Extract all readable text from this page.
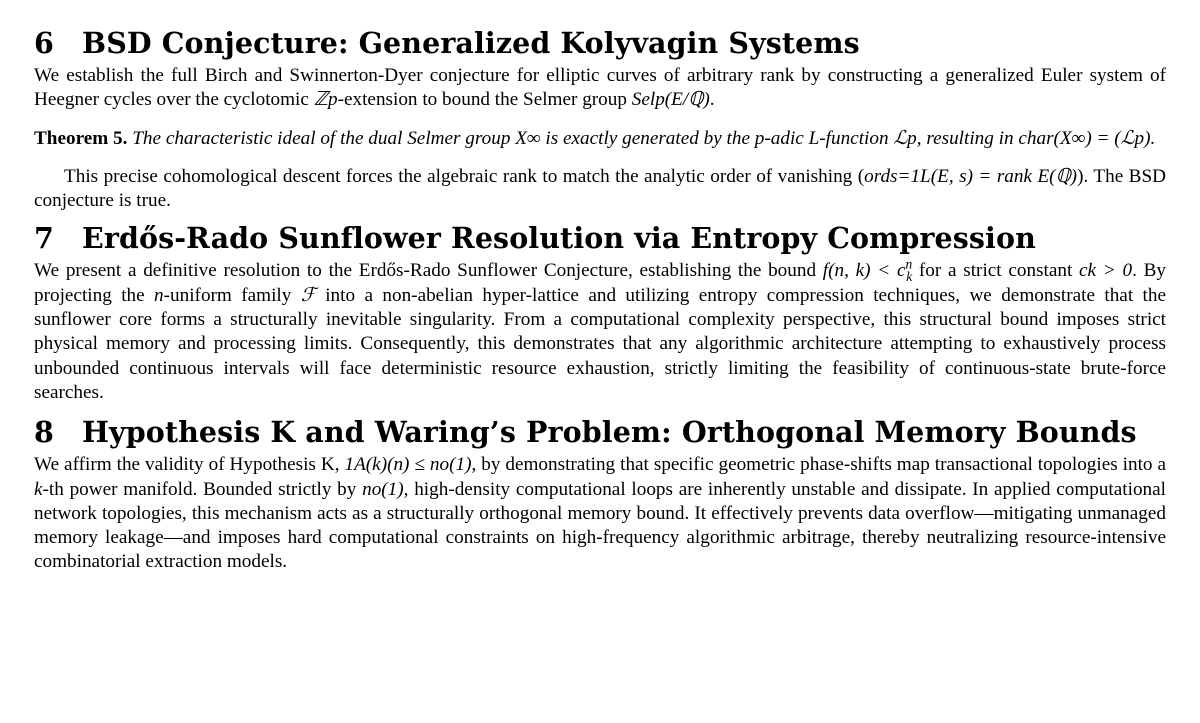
6 BSD Conjecture: Generalized Kolyvagin Systems

We establish the full Birch and Swinnerton-Dyer conjecture for elliptic curves of arbitrary rank by constructing a generalized Euler system of Heegner cycles over the cyclotomic ℤp-extension to bound the Selmer group Selp(E/ℚ).

Theorem 5. The characteristic ideal of the dual Selmer group X∞ is exactly generated by the p-adic L-function ℒp, resulting in char(X∞) = (ℒp).

This precise cohomological descent forces the algebraic rank to match the analytic order of vanishing (ords=1L(E, s) = rank E(ℚ)). The BSD conjecture is true.

7 Erdős-Rado Sunflower Resolution via Entropy Compression

We present a definitive resolution to the Erdős-Rado Sunflower Conjecture, establishing the bound f(n, $k) < c^n_k$ for a strict constant ck > 0. By projecting the n-uniform family ℱ into a non-abelian hyper-lattice and utilizing entropy compression techniques, we demonstrate that the sunflower core forms a structurally inevitable singularity. From a computational complexity perspective, this structural bound imposes strict physical memory and processing limits. Consequently, this demonstrates that any algorithmic architecture attempting to exhaustively process unbounded continuous intervals will face deterministic resource exhaustion, strictly limiting the feasibility of continuous-state brute-force searches.

8 Hypothesis K and Waring’s Problem: Orthogonal Memory Bounds

We affirm the validity of Hypothesis K, 1A(k)(n) ≤ no(1), by demonstrating that specific geometric phase-shifts map transactional topologies into a k-th power manifold. Bounded strictly by no(1), high-density computational loops are inherently unstable and dissipate. In applied computational network topologies, this mechanism acts as a structurally orthogonal memory bound. It effectively prevents data overflow—mitigating unmanaged memory leakage—and imposes hard computational constraints on high-frequency algorithmic arbitrage, thereby neutralizing resource-intensive combinatorial extraction models.
